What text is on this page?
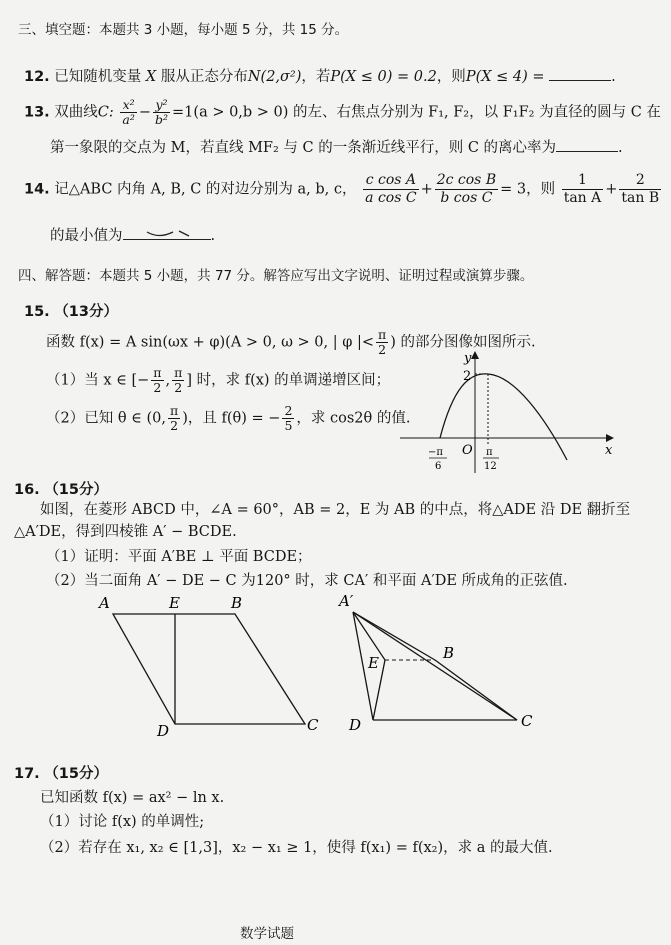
三、填空题：本题共 3 小题，每小题 5 分，共 15 分。
12. 已知随机变量 X 服从正态分布N(2,σ²)，若P(X ≤ 0) = 0.2，则P(X ≤ 4) =	.
13. 双曲线C: $\frac{\text{x²}}{\text{a²}} - \frac{\text{y²}}{\text{b²}} =1(a > 0,b > 0)$ 的左、右焦点分别为 F₁, F₂，以 F₁F₂ 为直径的圆与 C 在
第一象限的交点为 M，若直线 MF₂ 与 C 的一条渐近线平行，则 C 的离心率为	.
14. 记△ABC 内角 A, B, C 的对边分别为 a, b, c， $\frac{\text{c cos A}}{\text{a cos C}} + \frac{\text{2c cos B}}{\text{b cos C}} = 3$，则 $\frac{1}{\text{tan A}} + \frac{2}{\text{tan B}}$
的最小值为	.
四、解答题：本题共 5 小题，共 77 分。解答应写出文字说明、证明过程或演算步骤。
15. （13分）
函数 f(x) = A sin(ωx + φ)(A > 0, ω > 0, | φ |< $\frac{\pi}{2}$ ) 的部分图像如图所示.
（1）当 x ∈ [− $\frac{\pi}{2}$ , $\frac{\pi}{2}$ ] 时，求 f(x) 的单调递增区间；
（2）已知 θ ∈ (0, $\frac{\pi}{2}$ )，且 f(θ) = − $\frac{2}{5}$ ，求 cos2θ 的值.
y
x
2
O
−π
6
π
12
16. （15分）
如图，在菱形 ABCD 中，∠A = 60°，AB = 2，E 为 AB 的中点，将△ADE 沿 DE 翻折至
△A′DE，得到四棱锥 A′ − BCDE.
（1）证明：平面 A′BE ⊥ 平面 BCDE；
（2）当二面角 A′ − DE − C 为120° 时，求 CA′ 和平面 A′DE 所成角的正弦值.
A	E	B
D	C
A′
E
B
D	C
17. （15分）
已知函数 f(x) = ax² − ln x.
（1）讨论 f(x) 的单调性;
（2）若存在 x₁, x₂ ∈ [1,3]，x₂ − x₁ ≥ 1，使得 f(x₁) = f(x₂)，求 a 的最大值.
数学试题
